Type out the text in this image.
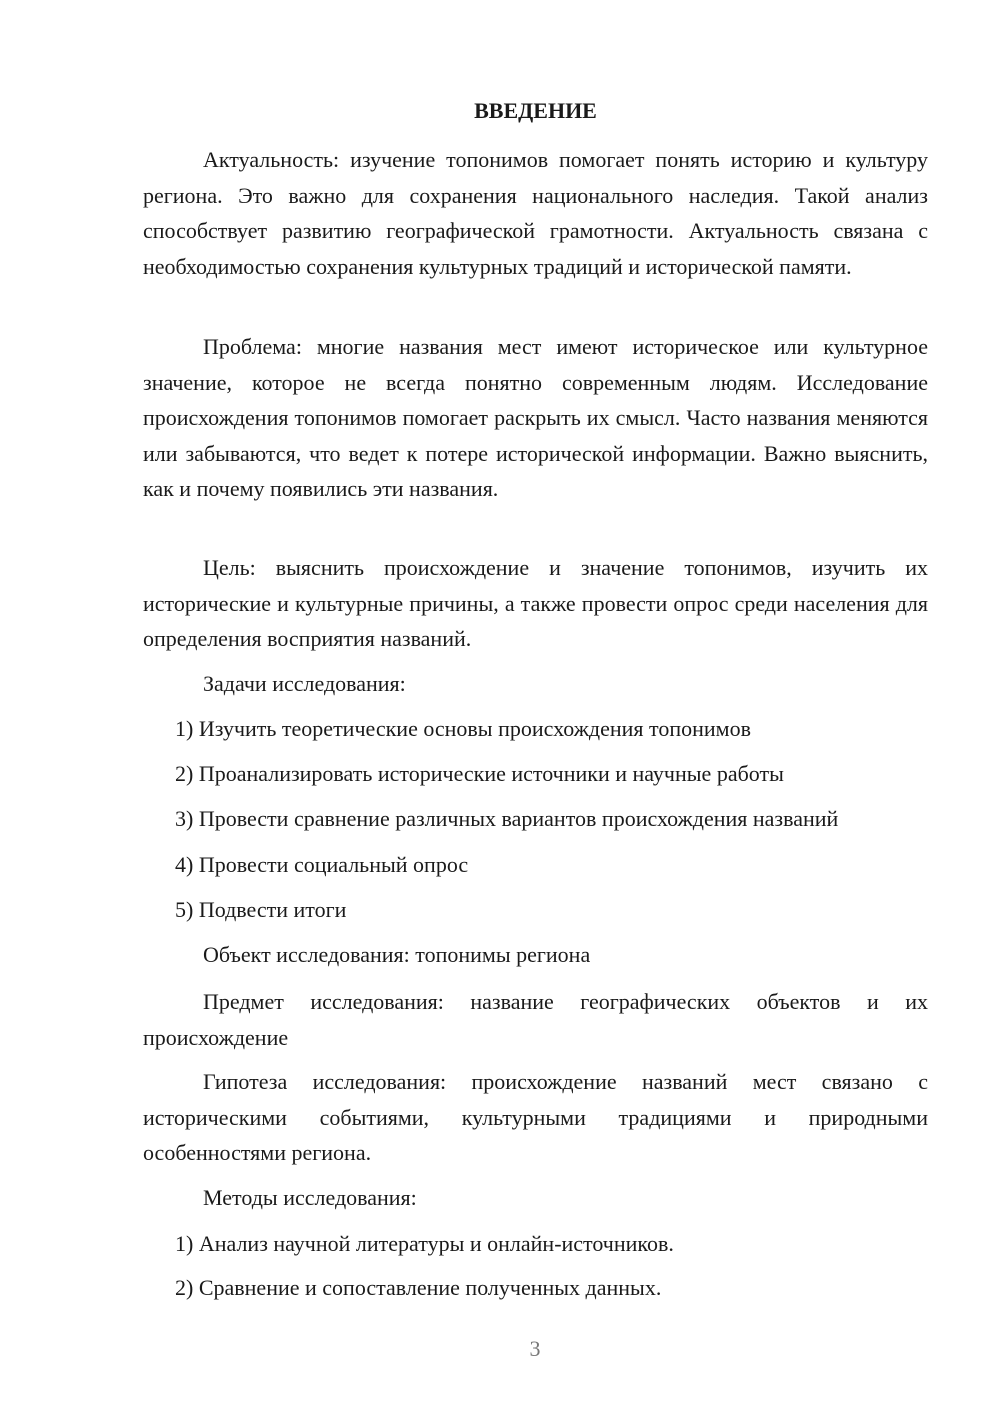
ВВЕДЕНИЕ

Актуальность: изучение топонимов помогает понять историю и культуру региона. Это важно для сохранения национального наследия. Такой анализ способствует развитию географической грамотности. Актуальность связана с необходимостью сохранения культурных традиций и исторической памяти.

Проблема: многие названия мест имеют историческое или культурное значение, которое не всегда понятно современным людям. Исследование происхождения топонимов помогает раскрыть их смысл. Часто названия меняются или забываются, что ведет к потере исторической информации. Важно выяснить, как и почему появились эти названия.

Цель: выяснить происхождение и значение топонимов, изучить их исторические и культурные причины, а также провести опрос среди населения для определения восприятия названий.

Задачи исследования:

1) Изучить теоретические основы происхождения топонимов

2) Проанализировать исторические источники и научные работы

3) Провести сравнение различных вариантов происхождения названий

4) Провести социальный опрос

5) Подвести итоги

Объект исследования: топонимы региона

Предмет исследования: название географических объектов и их происхождение

Гипотеза исследования: происхождение названий мест связано с историческими событиями, культурными традициями и природными особенностями региона.

Методы исследования:

1) Анализ научной литературы и онлайн-источников.

2) Сравнение и сопоставление полученных данных.

3
